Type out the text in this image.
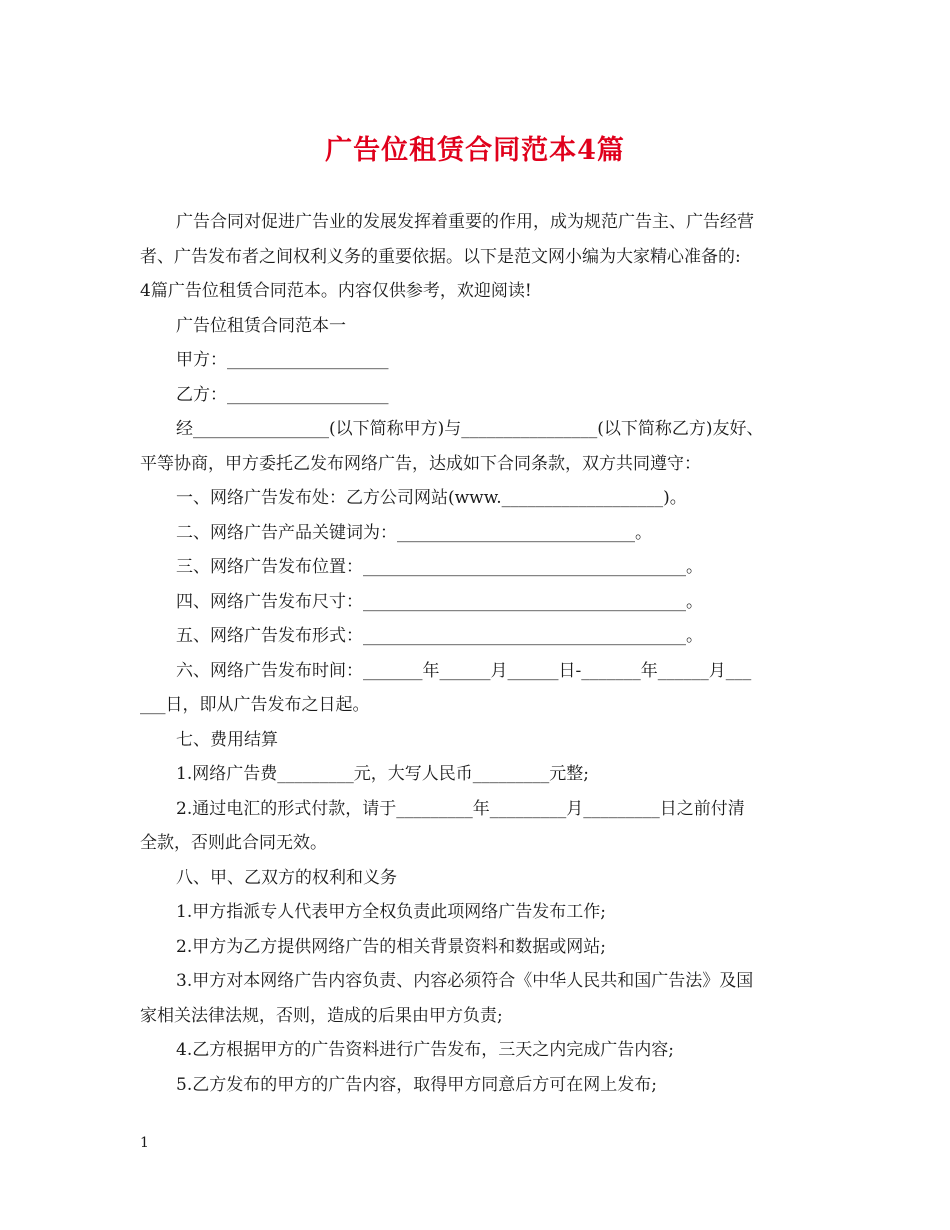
广告位租赁合同范本4篇
广告合同对促进广告业的发展发挥着重要的作用，成为规范广告主、广告经营
者、广告发布者之间权利义务的重要依据。以下是范文网小编为大家精心准备的:
4篇广告位租赁合同范本。内容仅供参考，欢迎阅读!
广告位租赁合同范本一
甲方：___________________
乙方：___________________
经________________(以下简称甲方)与________________(以下简称乙方)友好、
平等协商，甲方委托乙发布网络广告，达成如下合同条款，双方共同遵守：
一、网络广告发布处：乙方公司网站(www.___________________)。
二、网络广告产品关键词为：____________________________。
三、网络广告发布位置：______________________________________。
四、网络广告发布尺寸：______________________________________。
五、网络广告发布形式：______________________________________。
六、网络广告发布时间：_______年______月______日-_______年______月___
___日，即从广告发布之日起。
七、费用结算
1.网络广告费_________元，大写人民币_________元整;
2.通过电汇的形式付款，请于_________年_________月_________日之前付清
全款，否则此合同无效。
八、甲、乙双方的权利和义务
1.甲方指派专人代表甲方全权负责此项网络广告发布工作;
2.甲方为乙方提供网络广告的相关背景资料和数据或网站;
3.甲方对本网络广告内容负责、内容必须符合《中华人民共和国广告法》及国
家相关法律法规，否则，造成的后果由甲方负责;
4.乙方根据甲方的广告资料进行广告发布，三天之内完成广告内容;
5.乙方发布的甲方的广告内容，取得甲方同意后方可在网上发布;
1
